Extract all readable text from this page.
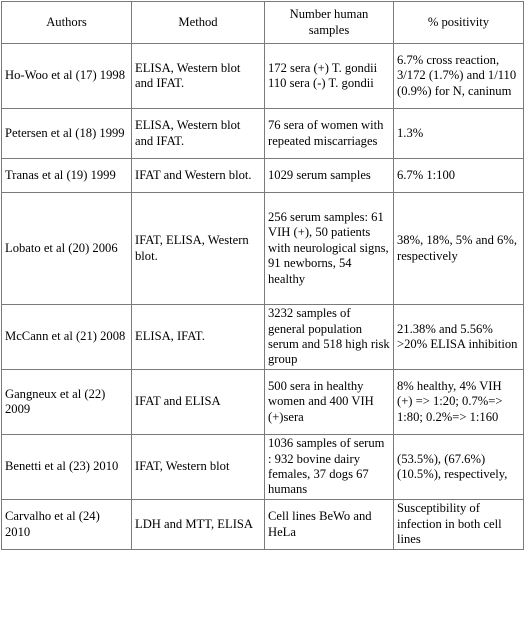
Authors	Method	Number human samples	% positivity
Ho-Woo et al (17) 1998	ELISA, Western blot and IFAT.	172 sera (+) T. gondii 110 sera (-) T. gondii	6.7% cross reaction, 3/172 (1.7%) and 1/110 (0.9%) for N, caninum
Petersen et al (18) 1999	ELISA, Western blot and IFAT.	76 sera of women with repeated miscarriages	1.3%
Tranas et al (19) 1999	IFAT and Western blot.	1029 serum samples	6.7% 1:100
Lobato et al (20) 2006	IFAT, ELISA, Western blot.	256 serum samples: 61 VIH (+), 50 patients with neurological signs, 91 newborns, 54 healthy	38%, 18%, 5% and 6%, respectively
McCann et al (21) 2008	ELISA, IFAT.	3232 samples of general population serum and 518 high risk group	21.38% and 5.56% >20% ELISA inhibition
Gangneux et al (22) 2009	IFAT and ELISA	500 sera in healthy women and 400 VIH (+)sera	8% healthy, 4% VIH (+) => 1:20; 0.7%=> 1:80; 0.2%=> 1:160
Benetti et al (23) 2010	IFAT, Western blot	1036 samples of serum : 932 bovine dairy females, 37 dogs 67 humans	(53.5%), (67.6%) (10.5%), respectively,
Carvalho et al (24) 2010	LDH and MTT, ELISA	Cell lines BeWo and HeLa	Susceptibility of infection in both cell lines
